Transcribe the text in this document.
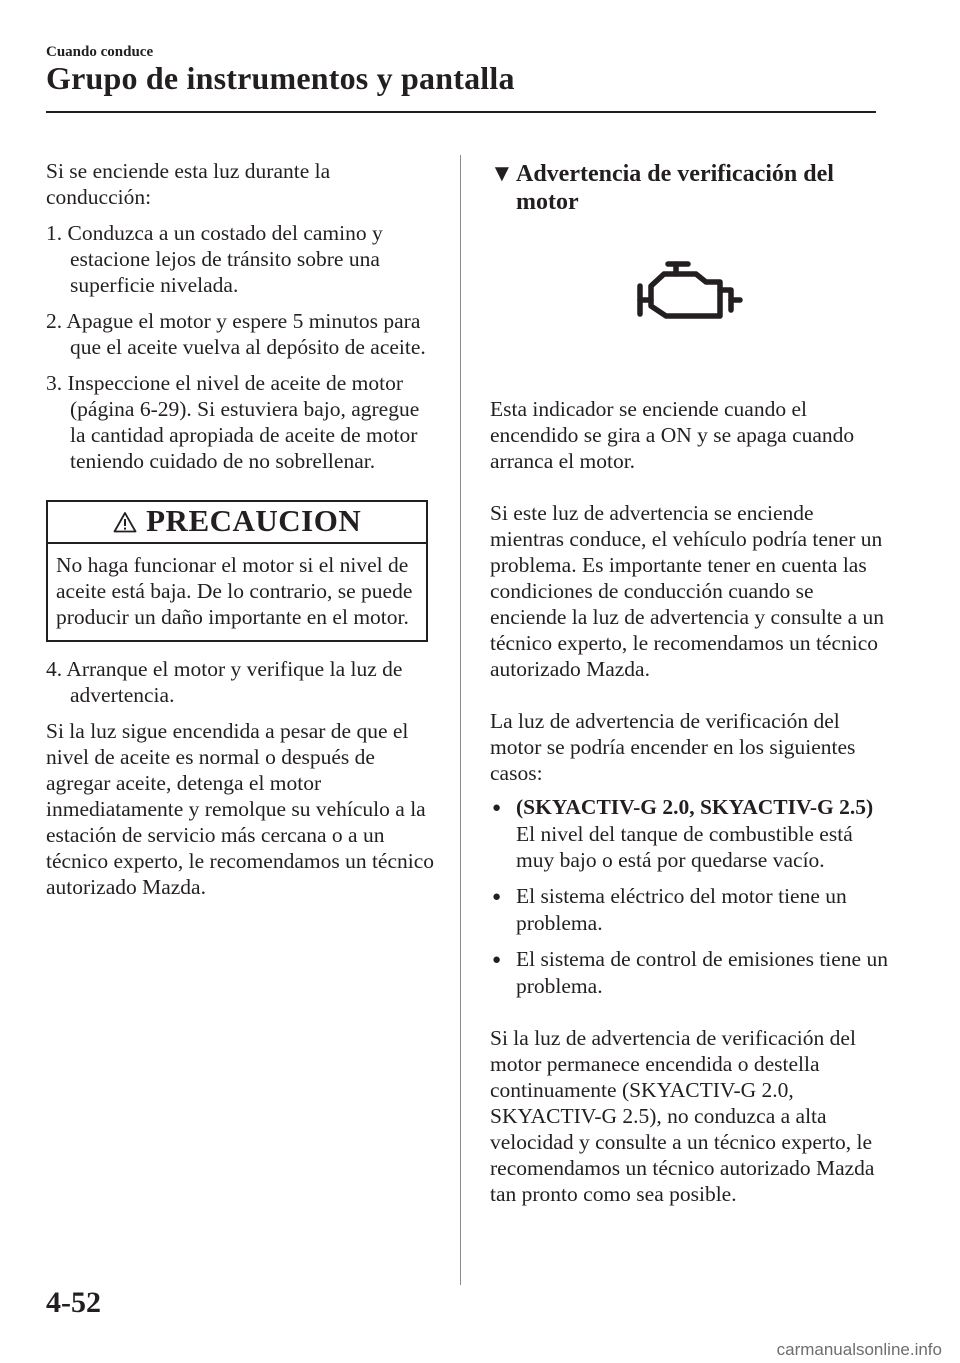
Cuando conduce
Grupo de instrumentos y pantalla

Si se enciende esta luz durante la conducción:

1. Conduzca a un costado del camino y estacione lejos de tránsito sobre una superficie nivelada.

2. Apague el motor y espere 5 minutos para que el aceite vuelva al depósito de aceite.

3. Inspeccione el nivel de aceite de motor (página 6-29). Si estuviera bajo, agregue la cantidad apropiada de aceite de motor teniendo cuidado de no sobrellenar.

PRECAUCION
No haga funcionar el motor si el nivel de aceite está baja. De lo contrario, se puede producir un daño importante en el motor.

4. Arranque el motor y verifique la luz de advertencia.

Si la luz sigue encendida a pesar de que el nivel de aceite es normal o después de agregar aceite, detenga el motor inmediatamente y remolque su vehículo a la estación de servicio más cercana o a un técnico experto, le recomendamos un técnico autorizado Mazda.

▼Advertencia de verificación del motor

Esta indicador se enciende cuando el encendido se gira a ON y se apaga cuando arranca el motor.

Si este luz de advertencia se enciende mientras conduce, el vehículo podría tener un problema. Es importante tener en cuenta las condiciones de conducción cuando se enciende la luz de advertencia y consulte a un técnico experto, le recomendamos un técnico autorizado Mazda.

La luz de advertencia de verificación del motor se podría encender en los siguientes casos:

● (SKYACTIV-G 2.0, SKYACTIV-G 2.5)
El nivel del tanque de combustible está muy bajo o está por quedarse vacío.
● El sistema eléctrico del motor tiene un problema.
● El sistema de control de emisiones tiene un problema.

Si la luz de advertencia de verificación del motor permanece encendida o destella continuamente (SKYACTIV-G 2.0, SKYACTIV-G 2.5), no conduzca a alta velocidad y consulte a un técnico experto, le recomendamos un técnico autorizado Mazda tan pronto como sea posible.

4-52
carmanualsonline.info
